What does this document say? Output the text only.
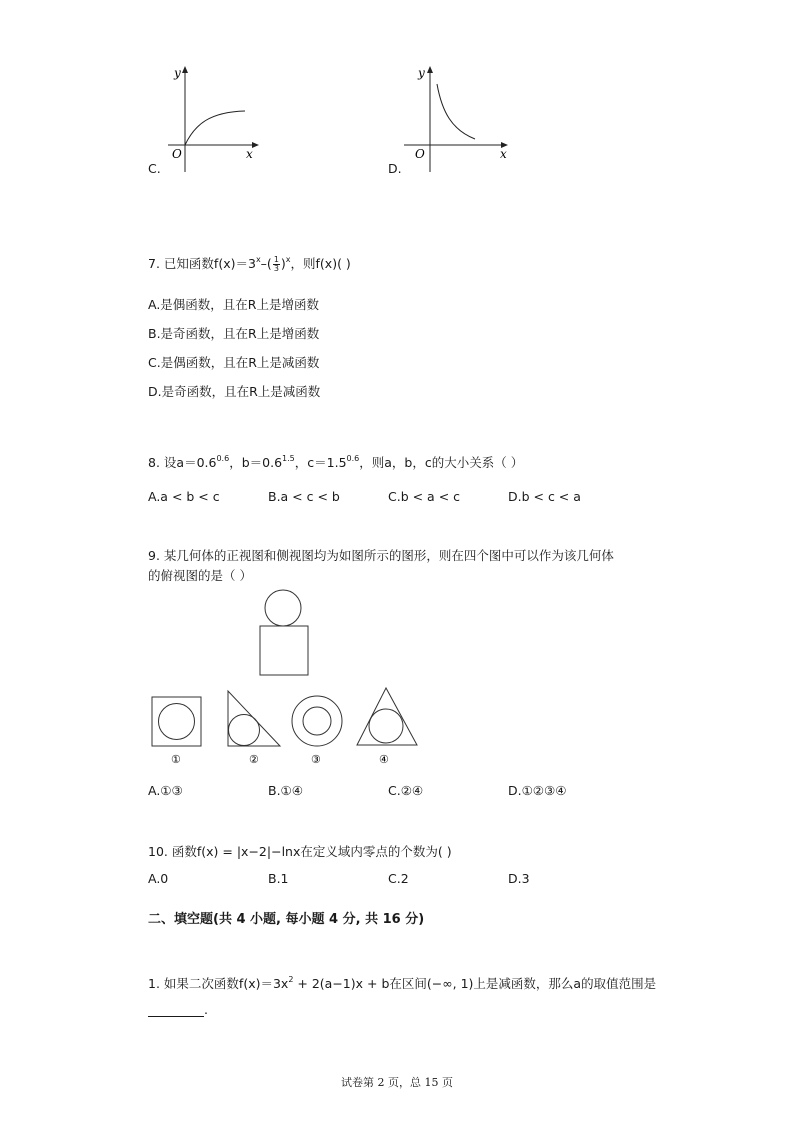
y
O	x
C.
y
O	x
D.
7. 已知函数$f(x)=3^x-( \frac{1}{3} )^x$，则f(x)( )
A.是偶函数，且在R上是增函数
B.是奇函数，且在R上是增函数
C.是偶函数，且在R上是减函数
D.是奇函数，且在R上是减函数
8. 设$a=0.6^{0.6}$，$b=0.6^{1.5}$，$c=1.5^{0.6}$，则a，b，c的大小关系（ ）
A.a < b < c	B.a < c < b	C.b < a < c	D.b < c < a
9. 某几何体的正视图和侧视图均为如图所示的图形，则在四个图中可以作为该几何体
的俯视图的是（ ）
①	②	③	④
A.①③	B.①④	C.②④	D.①②③④
10. 函数f(x) = |x−2|−lnx在定义域内零点的个数为( )
A.0	B.1	C.2	D.3
二、填空题(共 4 小题, 每小题 4 分, 共 16 分)
1. 如果二次函数$f(x)=3x^2 + 2(a-1)x + b$在区间(−∞, 1)上是减函数，那么a的取值范围是
.
试卷第 2 页，总 15 页
